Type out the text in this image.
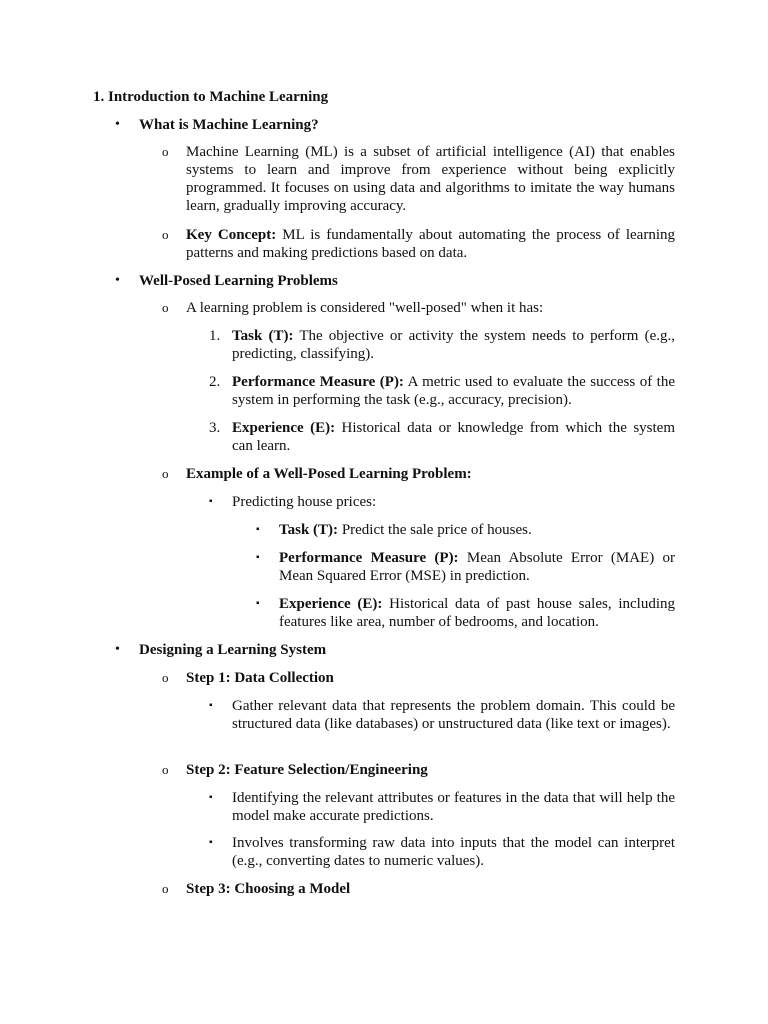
1. Introduction to Machine Learning

• What is Machine Learning?

o Machine Learning (ML) is a subset of artificial intelligence (AI) that enables systems to learn and improve from experience without being explicitly programmed. It focuses on using data and algorithms to imitate the way humans learn, gradually improving accuracy.

o Key Concept: ML is fundamentally about automating the process of learning patterns and making predictions based on data.

• Well-Posed Learning Problems

o A learning problem is considered "well-posed" when it has:

1. Task (T): The objective or activity the system needs to perform (e.g., predicting, classifying).

2. Performance Measure (P): A metric used to evaluate the success of the system in performing the task (e.g., accuracy, precision).

3. Experience (E): Historical data or knowledge from which the system can learn.

o Example of a Well-Posed Learning Problem:

▪ Predicting house prices:

▪ Task (T): Predict the sale price of houses.

▪ Performance Measure (P): Mean Absolute Error (MAE) or Mean Squared Error (MSE) in prediction.

▪ Experience (E): Historical data of past house sales, including features like area, number of bedrooms, and location.

• Designing a Learning System

o Step 1: Data Collection

▪ Gather relevant data that represents the problem domain. This could be structured data (like databases) or unstructured data (like text or images).

o Step 2: Feature Selection/Engineering

▪ Identifying the relevant attributes or features in the data that will help the model make accurate predictions.

▪ Involves transforming raw data into inputs that the model can interpret (e.g., converting dates to numeric values).

o Step 3: Choosing a Model
